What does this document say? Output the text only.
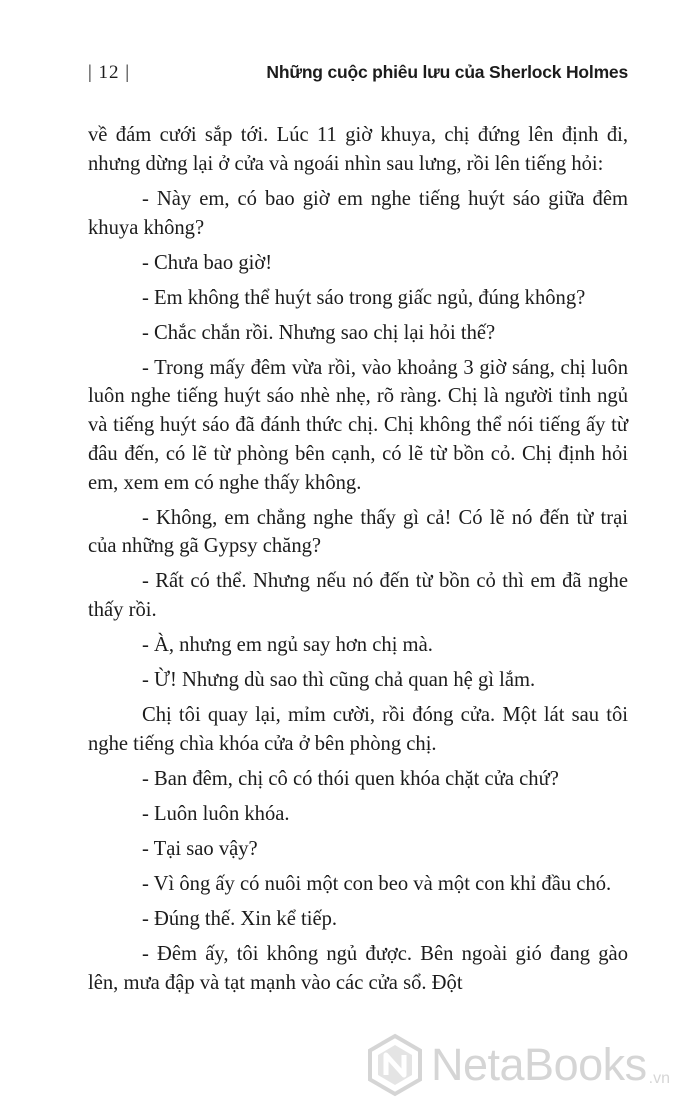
| 12 |	Những cuộc phiêu lưu của Sherlock Holmes

về đám cưới sắp tới. Lúc 11 giờ khuya, chị đứng lên định đi, nhưng dừng lại ở cửa và ngoái nhìn sau lưng, rồi lên tiếng hỏi:

- Này em, có bao giờ em nghe tiếng huýt sáo giữa đêm khuya không?

- Chưa bao giờ!

- Em không thể huýt sáo trong giấc ngủ, đúng không?

- Chắc chắn rồi. Nhưng sao chị lại hỏi thế?

- Trong mấy đêm vừa rồi, vào khoảng 3 giờ sáng, chị luôn luôn nghe tiếng huýt sáo nhè nhẹ, rõ ràng. Chị là người tỉnh ngủ và tiếng huýt sáo đã đánh thức chị. Chị không thể nói tiếng ấy từ đâu đến, có lẽ từ phòng bên cạnh, có lẽ từ bồn cỏ. Chị định hỏi em, xem em có nghe thấy không.

- Không, em chẳng nghe thấy gì cả! Có lẽ nó đến từ trại của những gã Gypsy chăng?

- Rất có thể. Nhưng nếu nó đến từ bồn cỏ thì em đã nghe thấy rồi.

- À, nhưng em ngủ say hơn chị mà.

- Ừ! Nhưng dù sao thì cũng chả quan hệ gì lắm.

Chị tôi quay lại, mỉm cười, rồi đóng cửa. Một lát sau tôi nghe tiếng chìa khóa cửa ở bên phòng chị.

- Ban đêm, chị cô có thói quen khóa chặt cửa chứ?

- Luôn luôn khóa.

- Tại sao vậy?

- Vì ông ấy có nuôi một con beo và một con khỉ đầu chó.

- Đúng thế. Xin kể tiếp.

- Đêm ấy, tôi không ngủ được. Bên ngoài gió đang gào lên, mưa đập và tạt mạnh vào các cửa sổ. Đột

NetaBooks .vn
